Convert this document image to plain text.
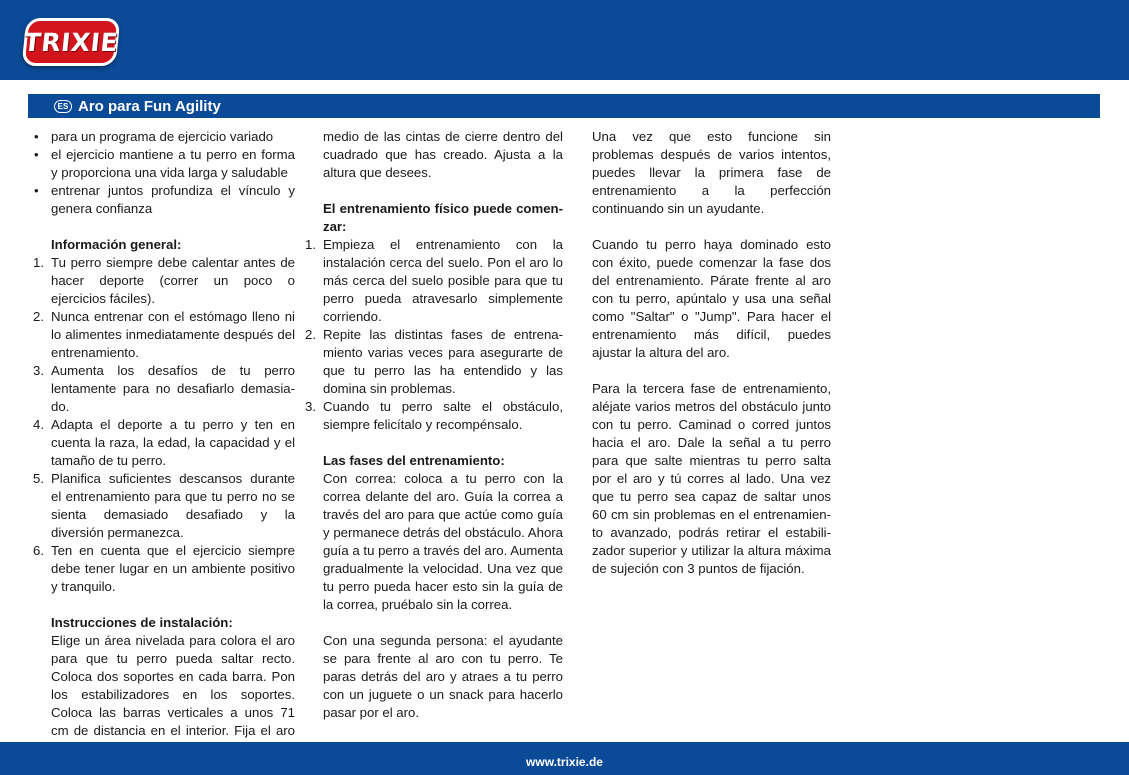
TRIXIE
ES Aro para Fun Agility
• para un programa de ejercicio variado
• el ejercicio mantiene a tu perro en forma y proporciona una vida larga y saludable
• entrenar juntos profundiza el vínculo y genera confianza

Información general:

1. Tu perro siempre debe calentar antes de hacer deporte (correr un poco o ejercicios fáciles).
2. Nunca entrenar con el estómago lleno ni lo alimentes inmediatamente después del entrenamiento.
3. Aumenta los desafíos de tu perro lentamente para no desafiarlo demasia-do.
4. Adapta el deporte a tu perro y ten en cuenta la raza, la edad, la capacidad y el tamaño de tu perro.
5. Planifica suficientes descansos durante el entrenamiento para que tu perro no se sienta demasiado desafiado y la diversión permanezca.
6. Ten en cuenta que el ejercicio siempre debe tener lugar en un ambiente positivo y tranquilo.

Instrucciones de instalación:

Elige un área nivelada para colora el aro para que tu perro pueda saltar recto. Coloca dos soportes en cada barra. Pon los estabilizadores en los soportes. Coloca las barras verticales a unos 71 cm de distancia en el interior. Fija el aro

medio de las cintas de cierre dentro del cuadrado que has creado. Ajusta a la altura que desees.

El entrenamiento físico puede comen-zar:

1. Empieza el entrenamiento con la instalación cerca del suelo. Pon el aro lo más cerca del suelo posible para que tu perro pueda atravesarlo simplemente corriendo.
2. Repite las distintas fases de entrena-miento varias veces para asegurarte de que tu perro las ha entendido y las domina sin problemas.
3. Cuando tu perro salte el obstáculo, siempre felicítalo y recompénsalo.

Las fases del entrenamiento:

Con correa: coloca a tu perro con la correa delante del aro. Guía la correa a través del aro para que actúe como guía y permanece detrás del obstáculo. Ahora guía a tu perro a través del aro. Aumenta gradualmente la velocidad. Una vez que tu perro pueda hacer esto sin la guía de la correa, pruébalo sin la correa.

Con una segunda persona: el ayudante se para frente al aro con tu perro. Te paras detrás del aro y atraes a tu perro con un juguete o un snack para hacerlo pasar por el aro.

Una vez que esto funcione sin problemas después de varios intentos, puedes llevar la primera fase de entrenamiento a la perfección continuando sin un ayudante.

Cuando tu perro haya dominado esto con éxito, puede comenzar la fase dos del entrenamiento. Párate frente al aro con tu perro, apúntalo y usa una señal como "Saltar" o "Jump". Para hacer el entrenamiento más difícil, puedes ajustar la altura del aro.

Para la tercera fase de entrenamiento, aléjate varios metros del obstáculo junto con tu perro. Caminad o corred juntos hacia el aro. Dale la señal a tu perro para que salte mientras tu perro salta por el aro y tú corres al lado. Una vez que tu perro sea capaz de saltar unos 60 cm sin problemas en el entrenamien-to avanzado, podrás retirar el estabili-zador superior y utilizar la altura máxima de sujeción con 3 puntos de fijación.

www.trixie.de
